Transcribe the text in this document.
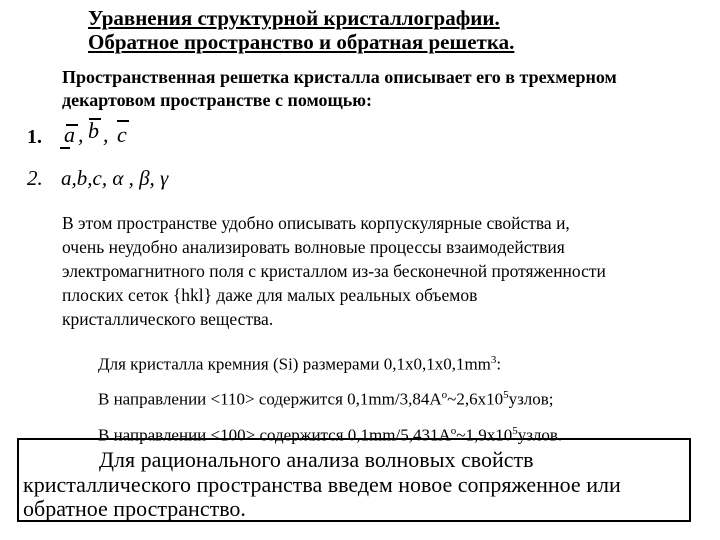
Уравнения структурной кристаллографии.
Обратное пространство и обратная решетка.
Пространственная решетка кристалла описывает его в трехмерном
декартовом пространстве с помощью:
1. a , b , c
2. a,b,c, α , β, γ
В этом пространстве удобно описывать корпускулярные свойства и,
очень неудобно анализировать волновые процессы взаимодействия
электромагнитного поля с кристаллом из-за бесконечной протяженности
плоских сеток {hkl} даже для малых реальных объемов
кристаллического вещества.
Для кристалла кремния (Si) размерами $0,1х0,1х0,1mm^3$:
В направлении <110> содержится $0,1mm/3,84A^o\sim 2,6х10^5узлов$;
В направлении <100> содержится $0,1mm/5,431A^o\sim 1,9х10^5узлов$.
Для рационального анализа волновых свойств
кристаллического пространства введем новое сопряженное или
обратное пространство.
